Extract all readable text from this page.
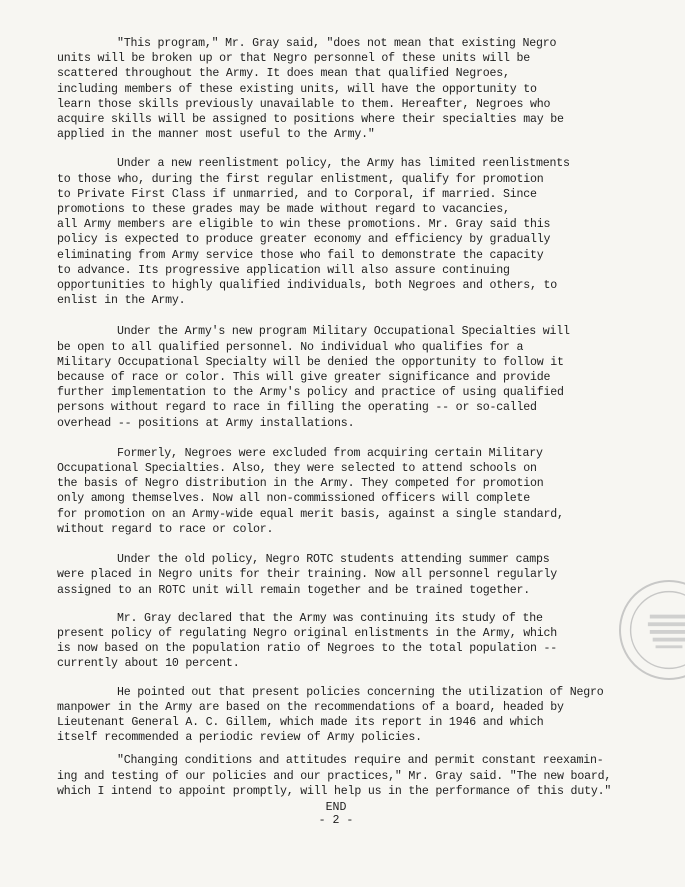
"This program," Mr. Gray said, "does not mean that existing Negro
units will be broken up or that Negro personnel of these units will be
scattered throughout the Army. It does mean that qualified Negroes,
including members of these existing units, will have the opportunity to
learn those skills previously unavailable to them. Hereafter, Negroes who
acquire skills will be assigned to positions where their specialties may be
applied in the manner most useful to the Army."

Under a new reenlistment policy, the Army has limited reenlistments
to those who, during the first regular enlistment, qualify for promotion
to Private First Class if unmarried, and to Corporal, if married. Since
promotions to these grades may be made without regard to vacancies,
all Army members are eligible to win these promotions. Mr. Gray said this
policy is expected to produce greater economy and efficiency by gradually
eliminating from Army service those who fail to demonstrate the capacity
to advance. Its progressive application will also assure continuing
opportunities to highly qualified individuals, both Negroes and others, to
enlist in the Army.

Under the Army's new program Military Occupational Specialties will
be open to all qualified personnel. No individual who qualifies for a
Military Occupational Specialty will be denied the opportunity to follow it
because of race or color. This will give greater significance and provide
further implementation to the Army's policy and practice of using qualified
persons without regard to race in filling the operating -- or so-called
overhead -- positions at Army installations.

Formerly, Negroes were excluded from acquiring certain Military
Occupational Specialties. Also, they were selected to attend schools on
the basis of Negro distribution in the Army. They competed for promotion
only among themselves. Now all non-commissioned officers will complete
for promotion on an Army-wide equal merit basis, against a single standard,
without regard to race or color.

Under the old policy, Negro ROTC students attending summer camps
were placed in Negro units for their training. Now all personnel regularly
assigned to an ROTC unit will remain together and be trained together.

Mr. Gray declared that the Army was continuing its study of the
present policy of regulating Negro original enlistments in the Army, which
is now based on the population ratio of Negroes to the total population --
currently about 10 percent.

He pointed out that present policies concerning the utilization of Negro
manpower in the Army are based on the recommendations of a board, headed by
Lieutenant General A. C. Gillem, which made its report in 1946 and which
itself recommended a periodic review of Army policies.

"Changing conditions and attitudes require and permit constant reexamin-
ing and testing of our policies and our practices," Mr. Gray said. "The new board,
which I intend to appoint promptly, will help us in the performance of this duty."

END
- 2 -
